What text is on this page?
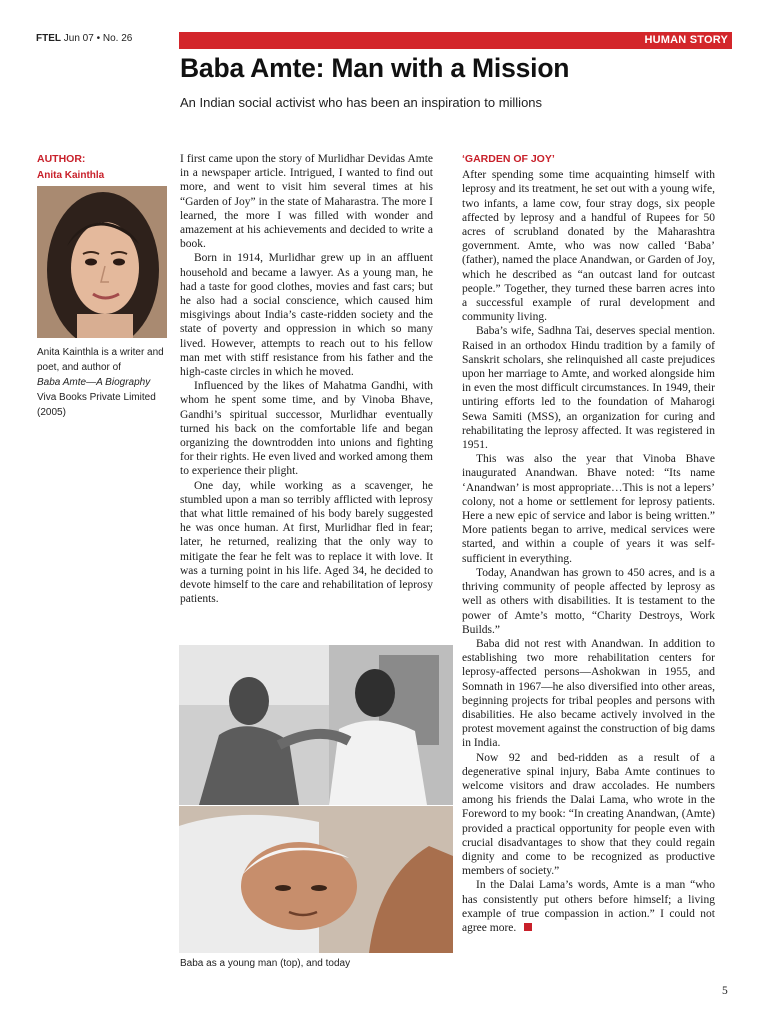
FTEL Jun 07 • No. 26	HUMAN STORY
Baba Amte: Man with a Mission

An Indian social activist who has been an inspiration to millions

AUTHOR:
Anita Kainthla

Anita Kainthla is a writer and poet, and author of

Baba Amte—A Biography

Viva Books Private Limited (2005)

I first came upon the story of Murlidhar Devidas Amte in a newspaper article. Intrigued, I wanted to find out more, and went to visit him several times at his “Garden of Joy” in the state of Maharastra. The more I learned, the more I was filled with wonder and amazement at his achievements and decided to write a book.

Born in 1914, Murlidhar grew up in an affluent household and became a lawyer. As a young man, he had a taste for good clothes, movies and fast cars; but he also had a social conscience, which caused him misgivings about India’s caste-ridden society and the state of poverty and oppression in which so many lived. However, attempts to reach out to his fellow man met with stiff resistance from his father and the high-caste circles in which he moved.

Influenced by the likes of Mahatma Gandhi, with whom he spent some time, and by Vinoba Bhave, Gandhi’s spiritual successor, Murlidhar eventually turned his back on the comfortable life and began organizing the downtrodden into unions and fighting for their rights. He even lived and worked among them to experience their plight.

One day, while working as a scavenger, he stumbled upon a man so terribly afflicted with leprosy that what little remained of his body barely suggested he was once human. At first, Murlidhar fled in fear; later, he returned, realizing that the only way to mitigate the fear he felt was to replace it with love. It was a turning point in his life. Aged 34, he decided to devote himself to the care and rehabilitation of leprosy patients.

Baba as a young man (top), and today
‘GARDEN OF JOY’

After spending some time acquainting himself with leprosy and its treatment, he set out with a young wife, two infants, a lame cow, four stray dogs, six people affected by leprosy and a handful of Rupees for 50 acres of scrubland donated by the Maharashtra government. Amte, who was now called ‘Baba’ (father), named the place Anandwan, or Garden of Joy, which he described as “an outcast land for outcast people.” Together, they turned these barren acres into a successful example of rural development and community living.

Baba’s wife, Sadhna Tai, deserves special mention. Raised in an orthodox Hindu tradition by a family of Sanskrit scholars, she relinquished all caste prejudices upon her marriage to Amte, and worked alongside him in even the most difficult circumstances. In 1949, their untiring efforts led to the foundation of Maharogi Sewa Samiti (MSS), an organization for curing and rehabilitating the leprosy affected. It was registered in 1951.

This was also the year that Vinoba Bhave inaugurated Anandwan. Bhave noted: “Its name ‘Anandwan’ is most appropriate…This is not a lepers’ colony, not a home or settlement for leprosy patients. Here a new epic of service and labor is being written.” More patients began to arrive, medical services were started, and within a couple of years it was self-sufficient in everything.

Today, Anandwan has grown to 450 acres, and is a thriving community of people affected by leprosy as well as others with disabilities. It is testament to the power of Amte’s motto, “Charity Destroys, Work Builds.”

Baba did not rest with Anandwan. In addition to establishing two more rehabilitation centers for leprosy-affected persons—Ashokwan in 1955, and Somnath in 1967—he also diversified into other areas, beginning projects for tribal peoples and persons with disabilities. He also became actively involved in the protest movement against the construction of big dams in India.

Now 92 and bed-ridden as a result of a degenerative spinal injury, Baba Amte continues to welcome visitors and draw accolades. He numbers among his friends the Dalai Lama, who wrote in the Foreword to my book: “In creating Anandwan, (Amte) provided a practical opportunity for people even with crucial disadvantages to show that they could regain dignity and come to be recognized as productive members of society.”

In the Dalai Lama’s words, Amte is a man “who has consistently put others before himself; a living example of true compassion in action.” I could not agree more.

5
